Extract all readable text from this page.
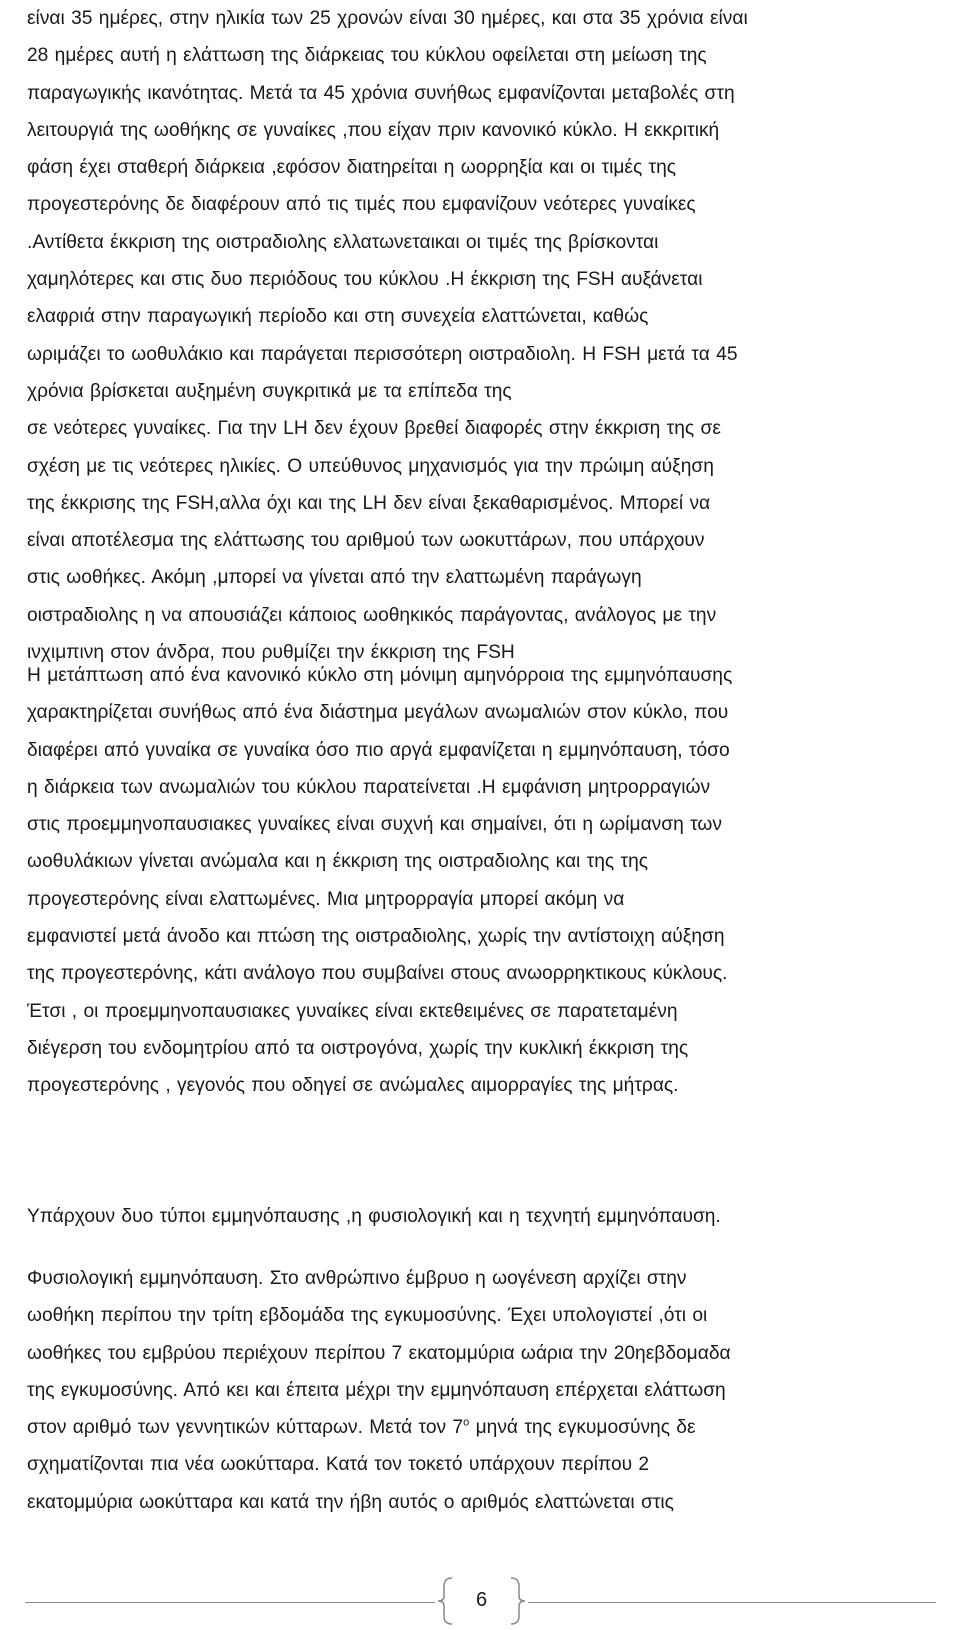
είναι 35 ημέρες, στην ηλικία των 25 χρονών είναι 30 ημέρες, και στα 35 χρόνια είναι
28 ημέρες αυτή η ελάττωση της διάρκειας του κύκλου οφείλεται στη μείωση της
παραγωγικής ικανότητας. Μετά τα 45 χρόνια συνήθως εμφανίζονται μεταβολές στη
λειτουργιά της ωοθήκης σε γυναίκες ,που είχαν πριν κανονικό κύκλο. Η εκκριτική
φάση έχει σταθερή διάρκεια ,εφόσον διατηρείται η ωορρηξία και οι τιμές της
προγεστερόνης δε διαφέρουν από τις τιμές που εμφανίζουν νεότερες γυναίκες
.Αντίθετα έκκριση της οιστραδιολης ελλατωνεταικαι οι τιμές της βρίσκονται
χαμηλότερες και στις δυο περιόδους του κύκλου .Η έκκριση της FSH αυξάνεται
ελαφριά στην παραγωγική περίοδο και στη συνεχεία ελαττώνεται, καθώς
ωριμάζει το ωοθυλάκιο και παράγεται περισσότερη οιστραδιολη. Η FSH μετά τα 45
χρόνια βρίσκεται αυξημένη συγκριτικά με τα επίπεδα της
σε νεότερες γυναίκες. Για την LH δεν έχουν βρεθεί διαφορές στην έκκριση της σε
σχέση με τις νεότερες ηλικίες. Ο υπεύθυνος μηχανισμός για την πρώιμη αύξηση
της έκκρισης της FSH,αλλα όχι και της LH δεν είναι ξεκαθαρισμένος. Μπορεί να
είναι αποτέλεσμα της ελάττωσης του αριθμού των ωοκυττάρων, που υπάρχουν
στις ωοθήκες. Ακόμη ,μπορεί να γίνεται από την ελαττωμένη παράγωγη
οιστραδιολης η να απουσιάζει κάποιος ωοθηκικός παράγοντας, ανάλογος με την
ινχιμπινη στον άνδρα, που ρυθμίζει την έκκριση της FSH

Η μετάπτωση από ένα κανονικό κύκλο στη μόνιμη αμηνόρροια της εμμηνόπαυσης
χαρακτηρίζεται συνήθως από ένα διάστημα μεγάλων ανωμαλιών στον κύκλο, που
διαφέρει από γυναίκα σε γυναίκα όσο πιο αργά εμφανίζεται η εμμηνόπαυση, τόσο
η διάρκεια των ανωμαλιών του κύκλου παρατείνεται .Η εμφάνιση μητρορραγιών
στις προεμμηνοπαυσιακες γυναίκες είναι συχνή και σημαίνει, ότι η ωρίμανση των
ωοθυλάκιων γίνεται ανώμαλα και η έκκριση της οιστραδιολης και της της
προγεστερόνης είναι ελαττωμένες. Μια μητρορραγία μπορεί ακόμη να
εμφανιστεί μετά άνοδο και πτώση της οιστραδιολης, χωρίς την αντίστοιχη αύξηση
της προγεστερόνης, κάτι ανάλογο που συμβαίνει στους ανωορρηκτικους κύκλους.
Έτσι , οι προεμμηνοπαυσιακες γυναίκες είναι εκτεθειμένες σε παρατεταμένη
διέγερση του ενδομητρίου από τα οιστρογόνα, χωρίς την κυκλική έκκριση της
προγεστερόνης , γεγονός που οδηγεί σε ανώμαλες αιμορραγίες της μήτρας.

Υπάρχουν δυο τύποι εμμηνόπαυσης ,η φυσιολογική και η τεχνητή εμμηνόπαυση.

Φυσιολογική εμμηνόπαυση. Στο ανθρώπινο έμβρυο η ωογένεση αρχίζει στην
ωοθήκη περίπου την τρίτη εβδομάδα της εγκυμοσύνης. Έχει υπολογιστεί ,ότι οι
ωοθήκες του εμβρύου περιέχουν περίπου 7 εκατομμύρια ωάρια την 20ηεβδομαδα
της εγκυμοσύνης. Από κει και έπειτα μέχρι την εμμηνόπαυση επέρχεται ελάττωση
στον αριθμό των γεννητικών κύτταρων. Μετά τον $7^o$ μηνά της εγκυμοσύνης δε
σχηματίζονται πια νέα ωοκύτταρα. Κατά τον τοκετό υπάρχουν περίπου 2
εκατομμύρια ωοκύτταρα και κατά την ήβη αυτός ο αριθμός ελαττώνεται στις

6
